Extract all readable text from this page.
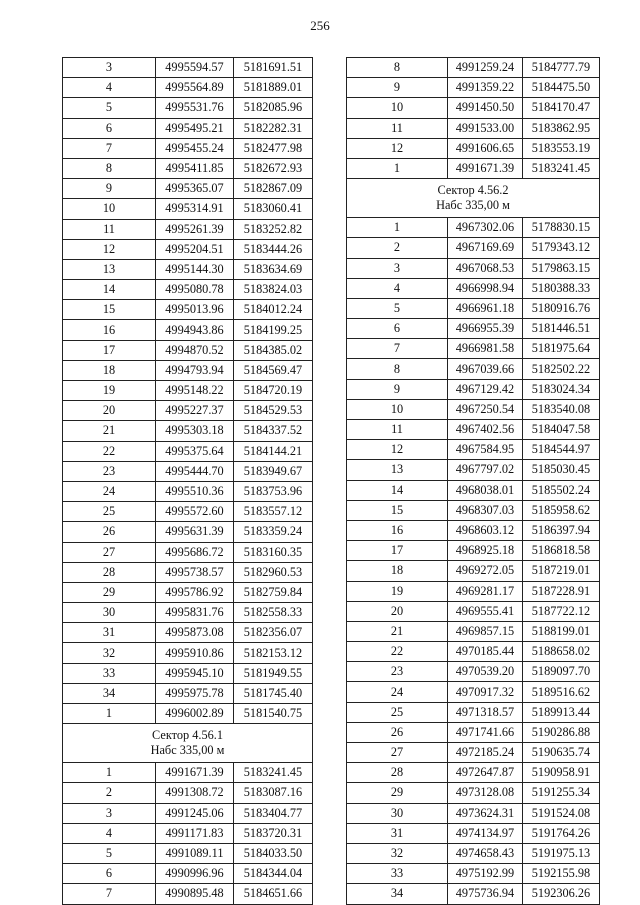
256
3	4995594.57	5181691.51
4	4995564.89	5181889.01
5	4995531.76	5182085.96
6	4995495.21	5182282.31
7	4995455.24	5182477.98
8	4995411.85	5182672.93
9	4995365.07	5182867.09
10	4995314.91	5183060.41
11	4995261.39	5183252.82
12	4995204.51	5183444.26
13	4995144.30	5183634.69
14	4995080.78	5183824.03
15	4995013.96	5184012.24
16	4994943.86	5184199.25
17	4994870.52	5184385.02
18	4994793.94	5184569.47
19	4995148.22	5184720.19
20	4995227.37	5184529.53
21	4995303.18	5184337.52
22	4995375.64	5184144.21
23	4995444.70	5183949.67
24	4995510.36	5183753.96
25	4995572.60	5183557.12
26	4995631.39	5183359.24
27	4995686.72	5183160.35
28	4995738.57	5182960.53
29	4995786.92	5182759.84
30	4995831.76	5182558.33
31	4995873.08	5182356.07
32	4995910.86	5182153.12
33	4995945.10	5181949.55
34	4995975.78	5181745.40
1	4996002.89	5181540.75

Сектор 4.56.1
Набс 335,00 м		

1	4991671.39	5183241.45
2	4991308.72	5183087.16
3	4991245.06	5183404.77
4	4991171.83	5183720.31
5	4991089.11	5184033.50
6	4990996.96	5184344.04
7	4990895.48	5184651.66
8	4991259.24	5184777.79
9	4991359.22	5184475.50
10	4991450.50	5184170.47
11	4991533.00	5183862.95
12	4991606.65	5183553.19
1	4991671.39	5183241.45

Сектор 4.56.2
Набс 335,00 м		

1	4967302.06	5178830.15
2	4967169.69	5179343.12
3	4967068.53	5179863.15
4	4966998.94	5180388.33
5	4966961.18	5180916.76
6	4966955.39	5181446.51
7	4966981.58	5181975.64
8	4967039.66	5182502.22
9	4967129.42	5183024.34
10	4967250.54	5183540.08
11	4967402.56	5184047.58
12	4967584.95	5184544.97
13	4967797.02	5185030.45
14	4968038.01	5185502.24
15	4968307.03	5185958.62
16	4968603.12	5186397.94
17	4968925.18	5186818.58
18	4969272.05	5187219.01
19	4969281.17	5187228.91
20	4969555.41	5187722.12
21	4969857.15	5188199.01
22	4970185.44	5188658.02
23	4970539.20	5189097.70
24	4970917.32	5189516.62
25	4971318.57	5189913.44
26	4971741.66	5190286.88
27	4972185.24	5190635.74
28	4972647.87	5190958.91
29	4973128.08	5191255.34
30	4973624.31	5191524.08
31	4974134.97	5191764.26
32	4974658.43	5191975.13
33	4975192.99	5192155.98
34	4975736.94	5192306.26
